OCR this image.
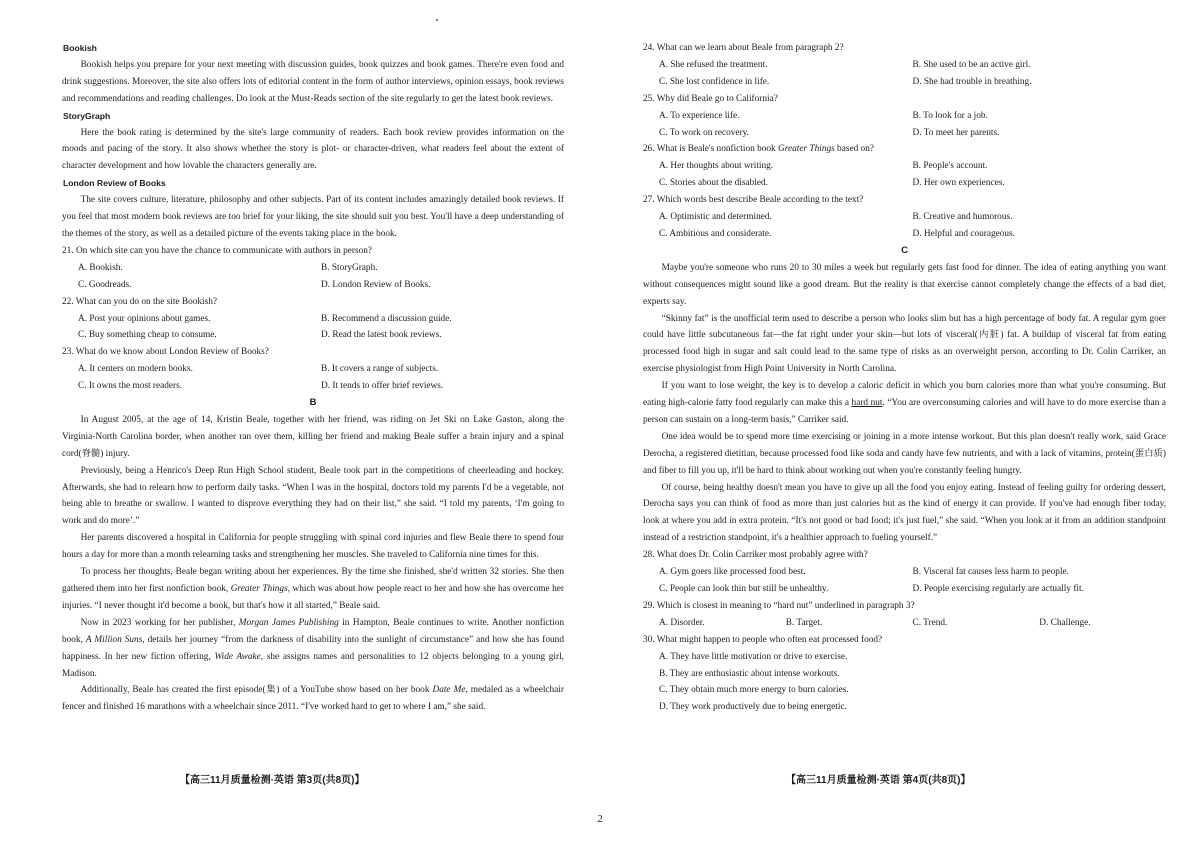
Bookish

Bookish helps you prepare for your next meeting with discussion guides, book quizzes and book games. There're even food and drink suggestions. Moreover, the site also offers lots of editorial content in the form of author interviews, opinion essays, book reviews and recommendations and reading challenges. Do look at the Must-Reads section of the site regularly to get the latest book reviews.

StoryGraph

Here the book rating is determined by the site's large community of readers. Each book review provides information on the moods and pacing of the story. It also shows whether the story is plot- or character-driven, what readers feel about the extent of character development and how lovable the characters generally are.

London Review of Books

The site covers culture, literature, philosophy and other subjects. Part of its content includes amazingly detailed book reviews. If you feel that most modern book reviews are too brief for your liking, the site should suit you best. You'll have a deep understanding of the themes of the story, as well as a detailed picture of the events taking place in the book.

21. On which site can you have the chance to communicate with authors in person?

A. Bookish.	B. StoryGraph.
C. Goodreads.	D. London Review of Books.

22. What can you do on the site Bookish?

A. Post your opinions about games.	B. Recommend a discussion guide.
C. Buy something cheap to consume.	D. Read the latest book reviews.

23. What do we know about London Review of Books?

A. It centers on modern books.	B. It covers a range of subjects.
C. It owns the most readers.	D. It tends to offer brief reviews.
B

In August 2005, at the age of 14, Kristin Beale, together with her friend, was riding on Jet Ski on Lake Gaston, along the Virginia-North Carolina border, when another ran over them, killing her friend and making Beale suffer a brain injury and a spinal cord(脊髓) injury.

Previously, being a Henrico's Deep Run High School student, Beale took part in the competitions of cheerleading and hockey. Afterwards, she had to relearn how to perform daily tasks. “When I was in the hospital, doctors told my parents I'd be a vegetable, not being able to breathe or swallow. I wanted to disprove everything they had on their list,” she said. “I told my parents, ‘I'm going to work and do more’.”

Her parents discovered a hospital in California for people struggling with spinal cord injuries and flew Beale there to spend four hours a day for more than a month relearning tasks and strengthening her muscles. She traveled to California nine times for this.

To process her thoughts, Beale began writing about her experiences. By the time she finished, she'd written 32 stories. She then gathered them into her first nonfiction book, Greater Things, which was about how people react to her and how she has overcome her injuries. “I never thought it'd become a book, but that's how it all started,” Beale said.

Now in 2023 working for her publisher, Morgan James Publishing in Hampton, Beale continues to write. Another nonfiction book, A Million Suns, details her journey “from the darkness of disability into the sunlight of circumstance” and how she has found happiness. In her new fiction offering, Wide Awake, she assigns names and personalities to 12 objects belonging to a young girl, Madison.

Additionally, Beale has created the first episode(集) of a YouTube show based on her book Date Me, medaled as a wheelchair fencer and finished 16 marathons with a wheelchair since 2011. “I've worked hard to get to where I am,” she said.

24. What can we learn about Beale from paragraph 2?

A. She refused the treatment.	B. She used to be an active girl.
C. She lost confidence in life.	D. She had trouble in breathing.

25. Why did Beale go to California?

A. To experience life.	B. To look for a job.
C. To work on recovery.	D. To meet her parents.

26. What is Beale's nonfiction book Greater Things based on?

A. Her thoughts about writing.	B. People's account.
C. Stories about the disabled.	D. Her own experiences.

27. Which words best describe Beale according to the text?

A. Optimistic and determined.	B. Creative and humorous.
C. Ambitious and considerate.	D. Helpful and courageous.
C

Maybe you're someone who runs 20 to 30 miles a week but regularly gets fast food for dinner. The idea of eating anything you want without consequences might sound like a good dream. But the reality is that exercise cannot completely change the effects of a bad diet, experts say.

“Skinny fat” is the unofficial term used to describe a person who looks slim but has a high percentage of body fat. A regular gym goer could have little subcutaneous fat—the fat right under your skin—but lots of visceral(内脏) fat. A buildup of visceral fat from eating processed food high in sugar and salt could lead to the same type of risks as an overweight person, according to Dr. Colin Carriker, an exercise physiologist from High Point University in North Carolina.

If you want to lose weight, the key is to develop a caloric deficit in which you burn calories more than what you're consuming. But eating high-calorie fatty food regularly can make this a hard nut. “You are overconsuming calories and will have to do more exercise than a person can sustain on a long-term basis,” Carriker said.

One idea would be to spend more time exercising or joining in a more intense workout. But this plan doesn't really work, said Grace Derocha, a registered dietitian, because processed food like soda and candy have few nutrients, and with a lack of vitamins, protein(蛋白质) and fiber to fill you up, it'll be hard to think about working out when you're constantly feeling hungry.

Of course, being healthy doesn't mean you have to give up all the food you enjoy eating. Instead of feeling guilty for ordering dessert, Derocha says you can think of food as more than just calories but as the kind of energy it can provide. If you've had enough fiber today, look at where you add in extra protein. “It's not good or bad food; it's just fuel,” she said. “When you look at it from an addition standpoint instead of a restriction standpoint, it's a healthier approach to fueling yourself.”

28. What does Dr. Colin Carriker most probably agree with?

A. Gym goers like processed food best.	B. Visceral fat causes less harm to people.
C. People can look thin but still be unhealthy.	D. People exercising regularly are actually fit.

29. Which is closest in meaning to “hard nut” underlined in paragraph 3?

A. Disorder.	B. Target.	C. Trend.	D. Challenge.

30. What might happen to people who often eat processed food?

A. They have little motivation or drive to exercise.
B. They are enthusiastic about intense workouts.
C. They obtain much more energy to burn calories.
D. They work productively due to being energetic.
【高三11月质量检测·英语 第3页(共8页)】	【高三11月质量检测·英语 第4页(共8页)】
2
